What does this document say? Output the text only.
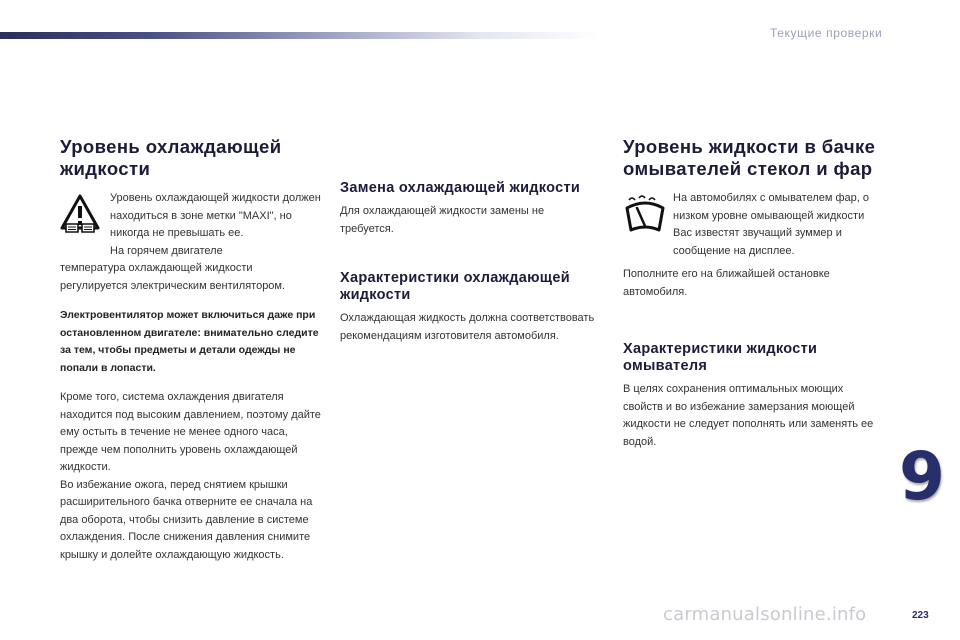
Текущие проверки
Уровень охлаждающей жидкости

Уровень охлаждающей жидкости должен находиться в зоне метки "MAXI", но никогда не превышать ее.

На горячем двигателе

температура охлаждающей жидкости регулируется электрическим вентилятором.

Электровентилятор может включиться даже при остановленном двигателе: внимательно следите за тем, чтобы предметы и детали одежды не попали в лопасти.

Кроме того, система охлаждения двигателя находится под высоким давлением, поэтому дайте ему остыть в течение не менее одного часа, прежде чем пополнить уровень охлаждающей жидкости.

Во избежание ожога, перед снятием крышки расширительного бачка отверните ее сначала на два оборота, чтобы снизить давление в системе охлаждения. После снижения давления снимите крышку и долейте охлаждающую жидкость.

Замена охлаждающей жидкости

Для охлаждающей жидкости замены не требуется.

Характеристики охлаждающей жидкости

Охлаждающая жидкость должна соответствовать рекомендациям изготовителя автомобиля.

Уровень жидкости в бачке омывателей стекол и фар

На автомобилях с омывателем фар, о низком уровне омывающей жидкости Вас известят звучащий зуммер и сообщение на дисплее.

Пополните его на ближайшей остановке автомобиля.

Характеристики жидкости омывателя

В целях сохранения оптимальных моющих свойств и во избежание замерзания моющей жидкости не следует пополнять или заменять ее водой.	9
carmanualsonline.info	223
